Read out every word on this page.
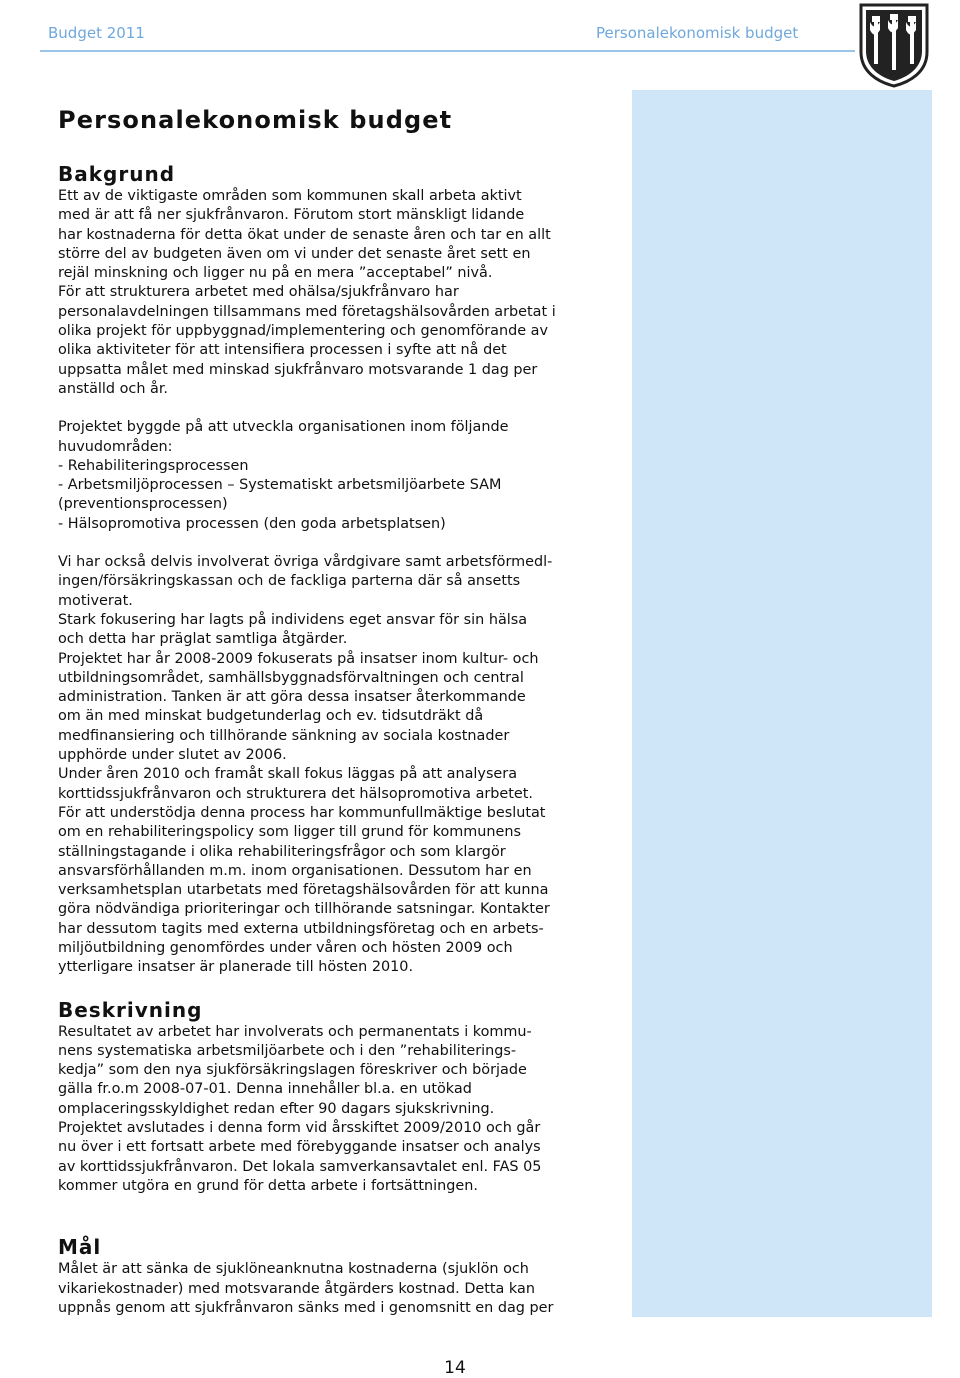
Budget 2011	Personalekonomisk budget
Personalekonomisk budget
Bakgrund

Ett av de viktigaste områden som kommunen skall arbeta aktivt
med är att få ner sjukfrånvaron. Förutom stort mänskligt lidande
har kostnaderna för detta ökat under de senaste åren och tar en allt
större del av budgeten även om vi under det senaste året sett en
rejäl minskning och ligger nu på en mera ”acceptabel” nivå.
För att strukturera arbetet med ohälsa/sjukfrånvaro har
personalavdelningen tillsammans med företagshälsovården arbetat i
olika projekt för uppbyggnad/implementering och genomförande av
olika aktiviteter för att intensifiera processen i syfte att nå det
uppsatta målet med minskad sjukfrånvaro motsvarande 1 dag per
anställd och år.

Projektet byggde på att utveckla organisationen inom följande
huvudområden:
- Rehabiliteringsprocessen
- Arbetsmiljöprocessen – Systematiskt arbetsmiljöarbete SAM
(preventionsprocessen)
- Hälsopromotiva processen (den goda arbetsplatsen)

Vi har också delvis involverat övriga vårdgivare samt arbetsförmedl-
ingen/försäkringskassan och de fackliga parterna där så ansetts
motiverat.
Stark fokusering har lagts på individens eget ansvar för sin hälsa
och detta har präglat samtliga åtgärder.
Projektet har år 2008-2009 fokuserats på insatser inom kultur- och
utbildningsområdet, samhällsbyggnadsförvaltningen och central
administration. Tanken är att göra dessa insatser återkommande
om än med minskat budgetunderlag och ev. tidsutdräkt då
medfinansiering och tillhörande sänkning av sociala kostnader
upphörde under slutet av 2006.
Under åren 2010 och framåt skall fokus läggas på att analysera
korttidssjukfrånvaron och strukturera det hälsopromotiva arbetet.
För att understödja denna process har kommunfullmäktige beslutat
om en rehabiliteringspolicy som ligger till grund för kommunens
ställningstagande i olika rehabiliteringsfrågor och som klargör
ansvarsförhållanden m.m. inom organisationen. Dessutom har en
verksamhetsplan utarbetats med företagshälsovården för att kunna
göra nödvändiga prioriteringar och tillhörande satsningar. Kontakter
har dessutom tagits med externa utbildningsföretag och en arbets-
miljöutbildning genomfördes under våren och hösten 2009 och
ytterligare insatser är planerade till hösten 2010.

Beskrivning

Resultatet av arbetet har involverats och permanentats i kommu-
nens systematiska arbetsmiljöarbete och i den ”rehabiliterings-
kedja” som den nya sjukförsäkringslagen föreskriver och började
gälla fr.o.m 2008-07-01. Denna innehåller bl.a. en utökad
omplaceringsskyldighet redan efter 90 dagars sjukskrivning.
Projektet avslutades i denna form vid årsskiftet 2009/2010 och går
nu över i ett fortsatt arbete med förebyggande insatser och analys
av korttidssjukfrånvaron. Det lokala samverkansavtalet enl. FAS 05
kommer utgöra en grund för detta arbete i fortsättningen.

Mål

Målet är att sänka de sjuklöneanknutna kostnaderna (sjuklön och
vikariekostnader) med motsvarande åtgärders kostnad. Detta kan
uppnås genom att sjukfrånvaron sänks med i genomsnitt en dag per

14
